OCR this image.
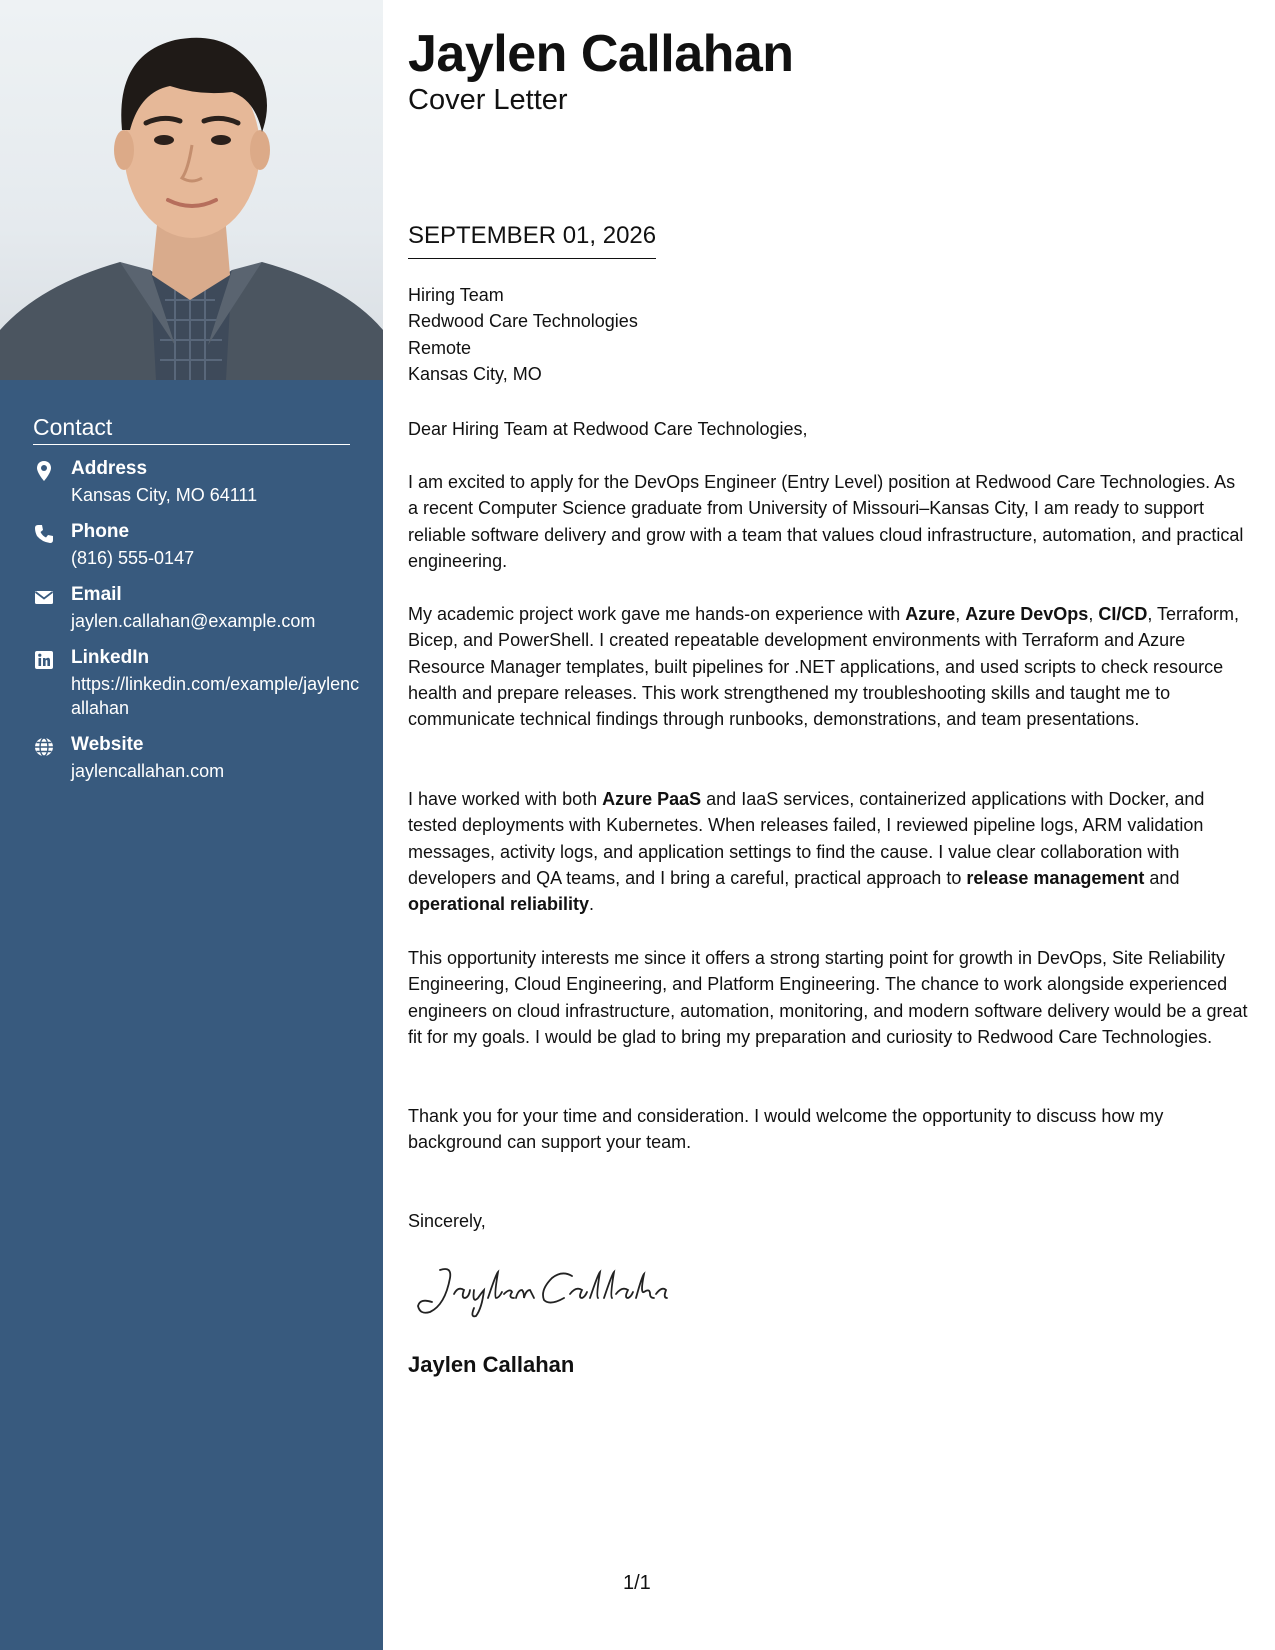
Contact
Address
Kansas City, MO 64111
Phone
(816) 555-0147
Email
jaylen.callahan@example.com
LinkedIn
https://linkedin.com/example/jaylencallahan
Website
jaylencallahan.com
Jaylen Callahan
Cover Letter
SEPTEMBER 01, 2026
Hiring Team
Redwood Care Technologies
Remote
Kansas City, MO
Dear Hiring Team at Redwood Care Technologies,

I am excited to apply for the DevOps Engineer (Entry Level) position at Redwood Care Technologies. As a recent Computer Science graduate from University of Missouri–Kansas City, I am ready to support reliable software delivery and grow with a team that values cloud infrastructure, automation, and practical engineering.

My academic project work gave me hands-on experience with Azure, Azure DevOps, CI/CD, Terraform, Bicep, and PowerShell. I created repeatable development environments with Terraform and Azure Resource Manager templates, built pipelines for .NET applications, and used scripts to check resource health and prepare releases. This work strengthened my troubleshooting skills and taught me to communicate technical findings through runbooks, demonstrations, and team presentations.

I have worked with both Azure PaaS and IaaS services, containerized applications with Docker, and tested deployments with Kubernetes. When releases failed, I reviewed pipeline logs, ARM validation messages, activity logs, and application settings to find the cause. I value clear collaboration with developers and QA teams, and I bring a careful, practical approach to release management and operational reliability.

This opportunity interests me since it offers a strong starting point for growth in DevOps, Site Reliability Engineering, Cloud Engineering, and Platform Engineering. The chance to work alongside experienced engineers on cloud infrastructure, automation, monitoring, and modern software delivery would be a great fit for my goals. I would be glad to bring my preparation and curiosity to Redwood Care Technologies.

Thank you for your time and consideration. I would welcome the opportunity to discuss how my background can support your team.

Sincerely,
Jaylen Callahan
1/1
